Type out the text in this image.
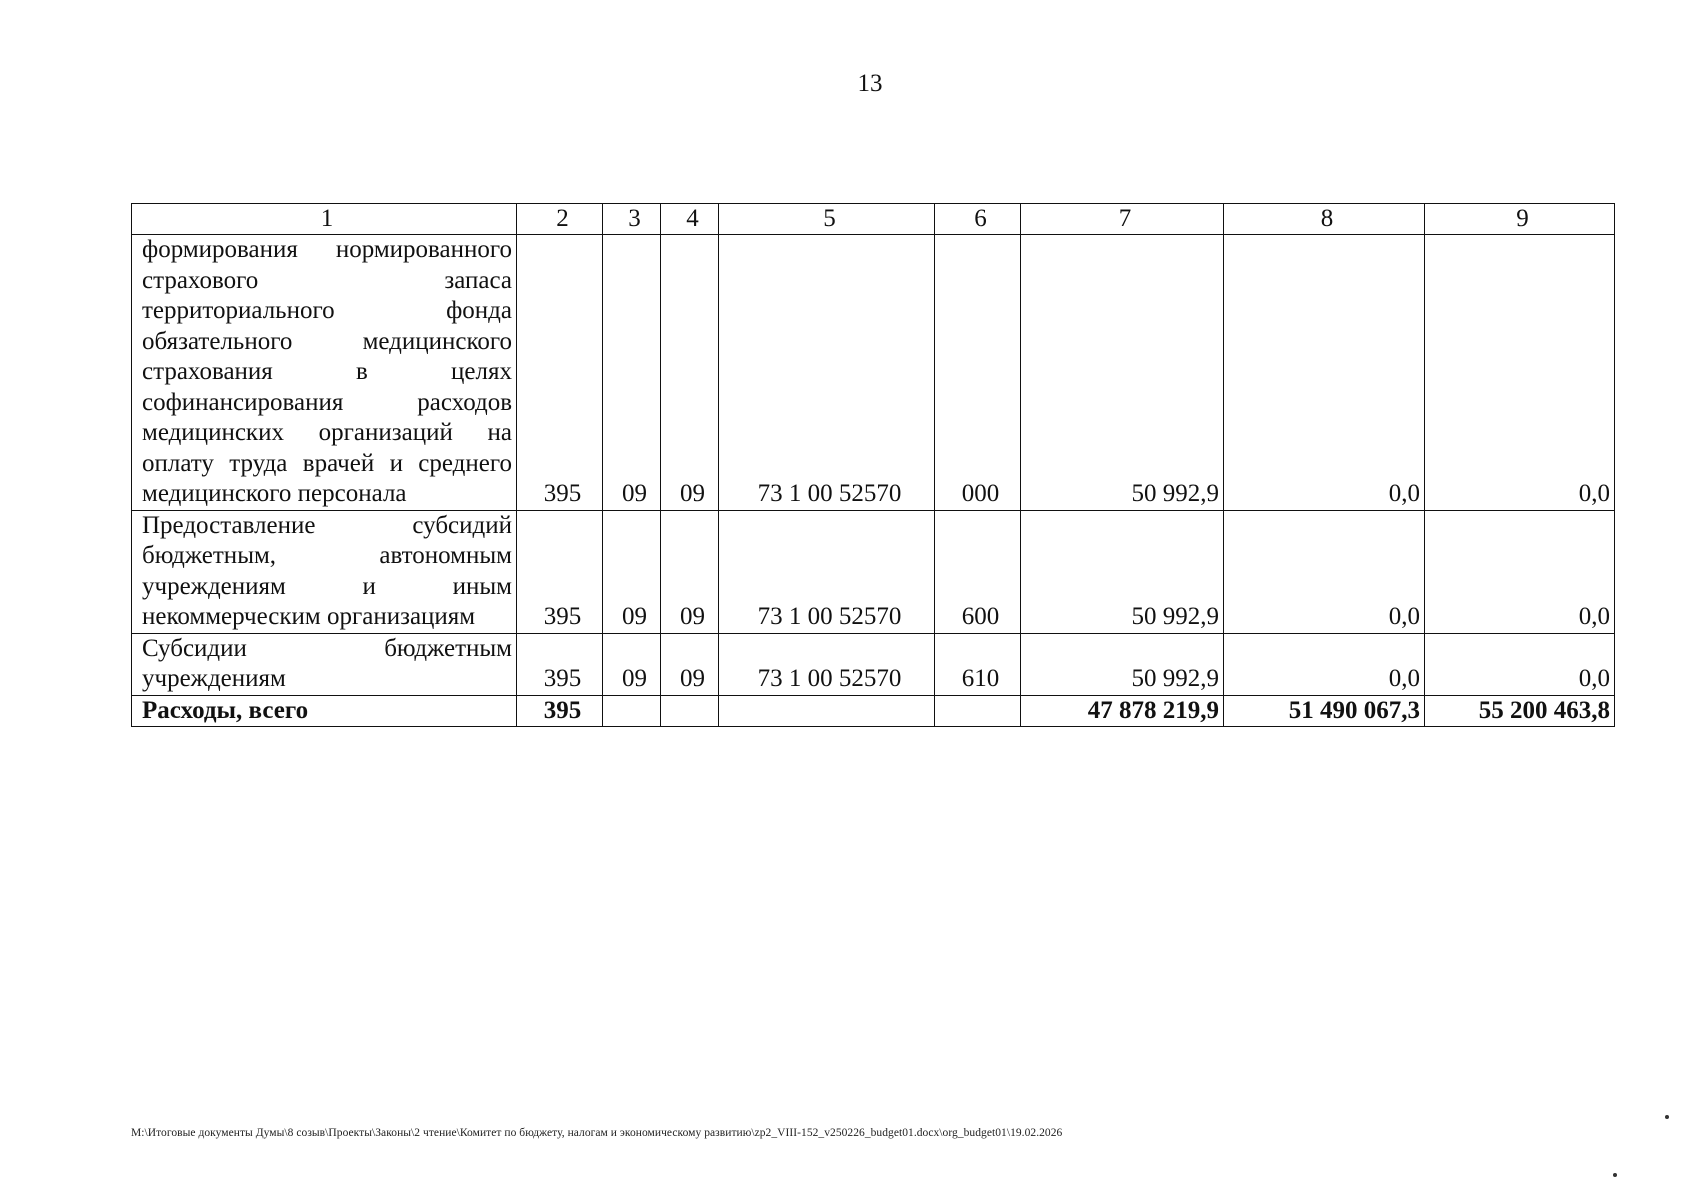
13
1	2	3	4	5	6	7	8	9
формирования нормированного страхового запаса территориального фонда обязательного медицинского страхования в целях софинансирования расходов медицинских организаций на оплату труда врачей и среднего медицинского персонала	395	09	09	73 1 00 52570	000	50 992,9	0,0	0,0
Предоставление субсидий бюджетным, автономным учреждениям и иным некоммерческим организациям	395	09	09	73 1 00 52570	600	50 992,9	0,0	0,0
Субсидии бюджетным учреждениям	395	09	09	73 1 00 52570	610	50 992,9	0,0	0,0
Расходы, всего	395					47 878 219,9	51 490 067,3	55 200 463,8
M:\Итоговые документы Думы\8 созыв\Проекты\Законы\2 чтение\Комитет по бюджету, налогам и экономическому развитию\zp2_VIII-152_v250226_budget01.docx\org_budget01\19.02.2026
